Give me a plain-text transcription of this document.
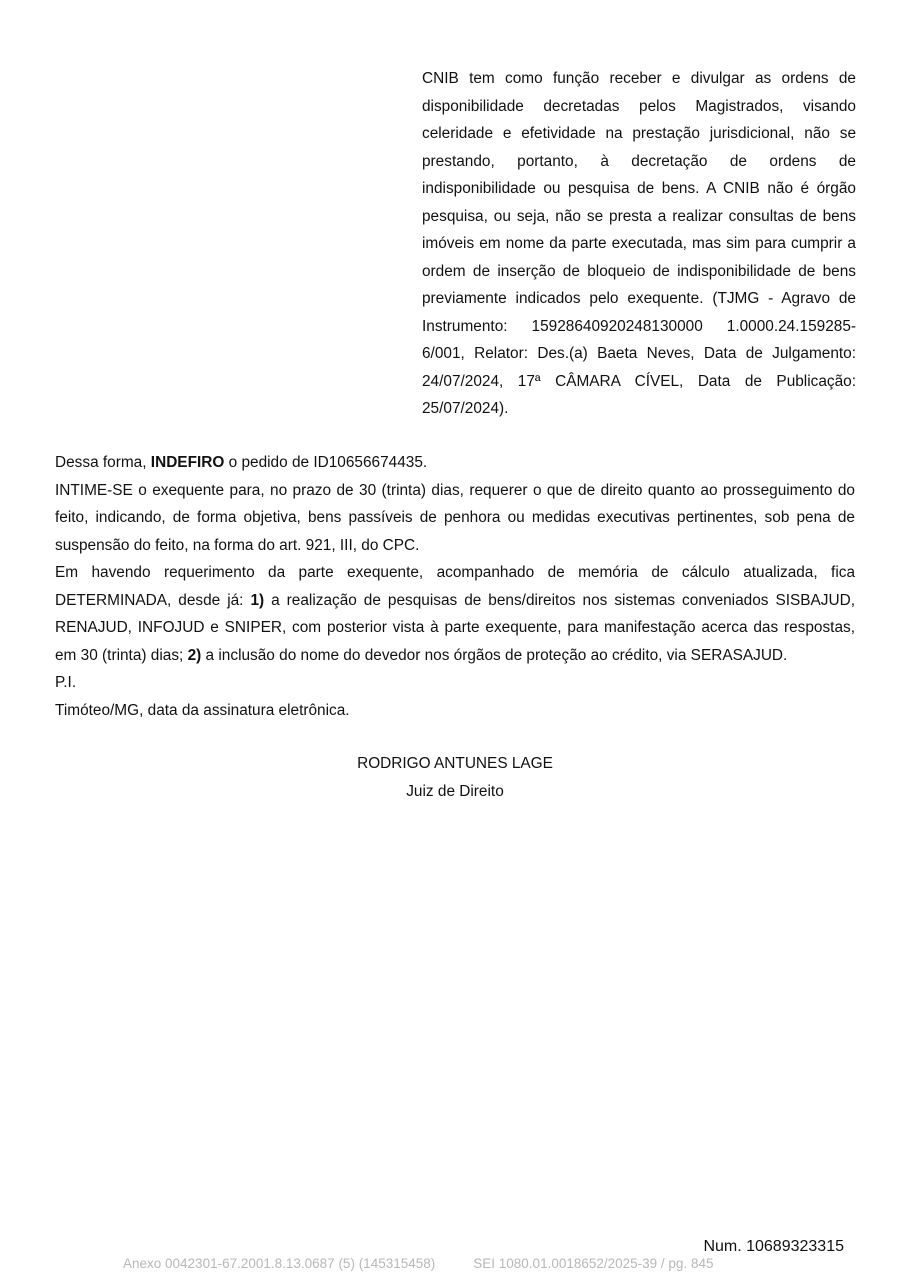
CNIB tem como função receber e divulgar as ordens de disponibilidade decretadas pelos Magistrados, visando celeridade e efetividade na prestação jurisdicional, não se prestando, portanto, à decretação de ordens de indisponibilidade ou pesquisa de bens. A CNIB não é órgão pesquisa, ou seja, não se presta a realizar consultas de bens imóveis em nome da parte executada, mas sim para cumprir a ordem de inserção de bloqueio de indisponibilidade de bens previamente indicados pelo exequente. (TJMG - Agravo de Instrumento: 15928640920248130000 1.0000.24.159285-6/001, Relator: Des.(a) Baeta Neves, Data de Julgamento: 24/07/2024, 17ª CÂMARA CÍVEL, Data de Publicação: 25/07/2024).

Dessa forma, INDEFIRO o pedido de ID10656674435.

INTIME-SE o exequente para, no prazo de 30 (trinta) dias, requerer o que de direito quanto ao prosseguimento do feito, indicando, de forma objetiva, bens passíveis de penhora ou medidas executivas pertinentes, sob pena de suspensão do feito, na forma do art. 921, III, do CPC.

Em havendo requerimento da parte exequente, acompanhado de memória de cálculo atualizada, fica DETERMINADA, desde já: 1) a realização de pesquisas de bens/direitos nos sistemas conveniados SISBAJUD, RENAJUD, INFOJUD e SNIPER, com posterior vista à parte exequente, para manifestação acerca das respostas, em 30 (trinta) dias; 2) a inclusão do nome do devedor nos órgãos de proteção ao crédito, via SERASAJUD.

P.I.

Timóteo/MG, data da assinatura eletrônica.

RODRIGO ANTUNES LAGE
Juiz de Direito
Num. 10689323315
Anexo 0042301-67.2001.8.13.0687 (5) (145315458)	SEI 1080.01.0018652/2025-39 / pg. 845
